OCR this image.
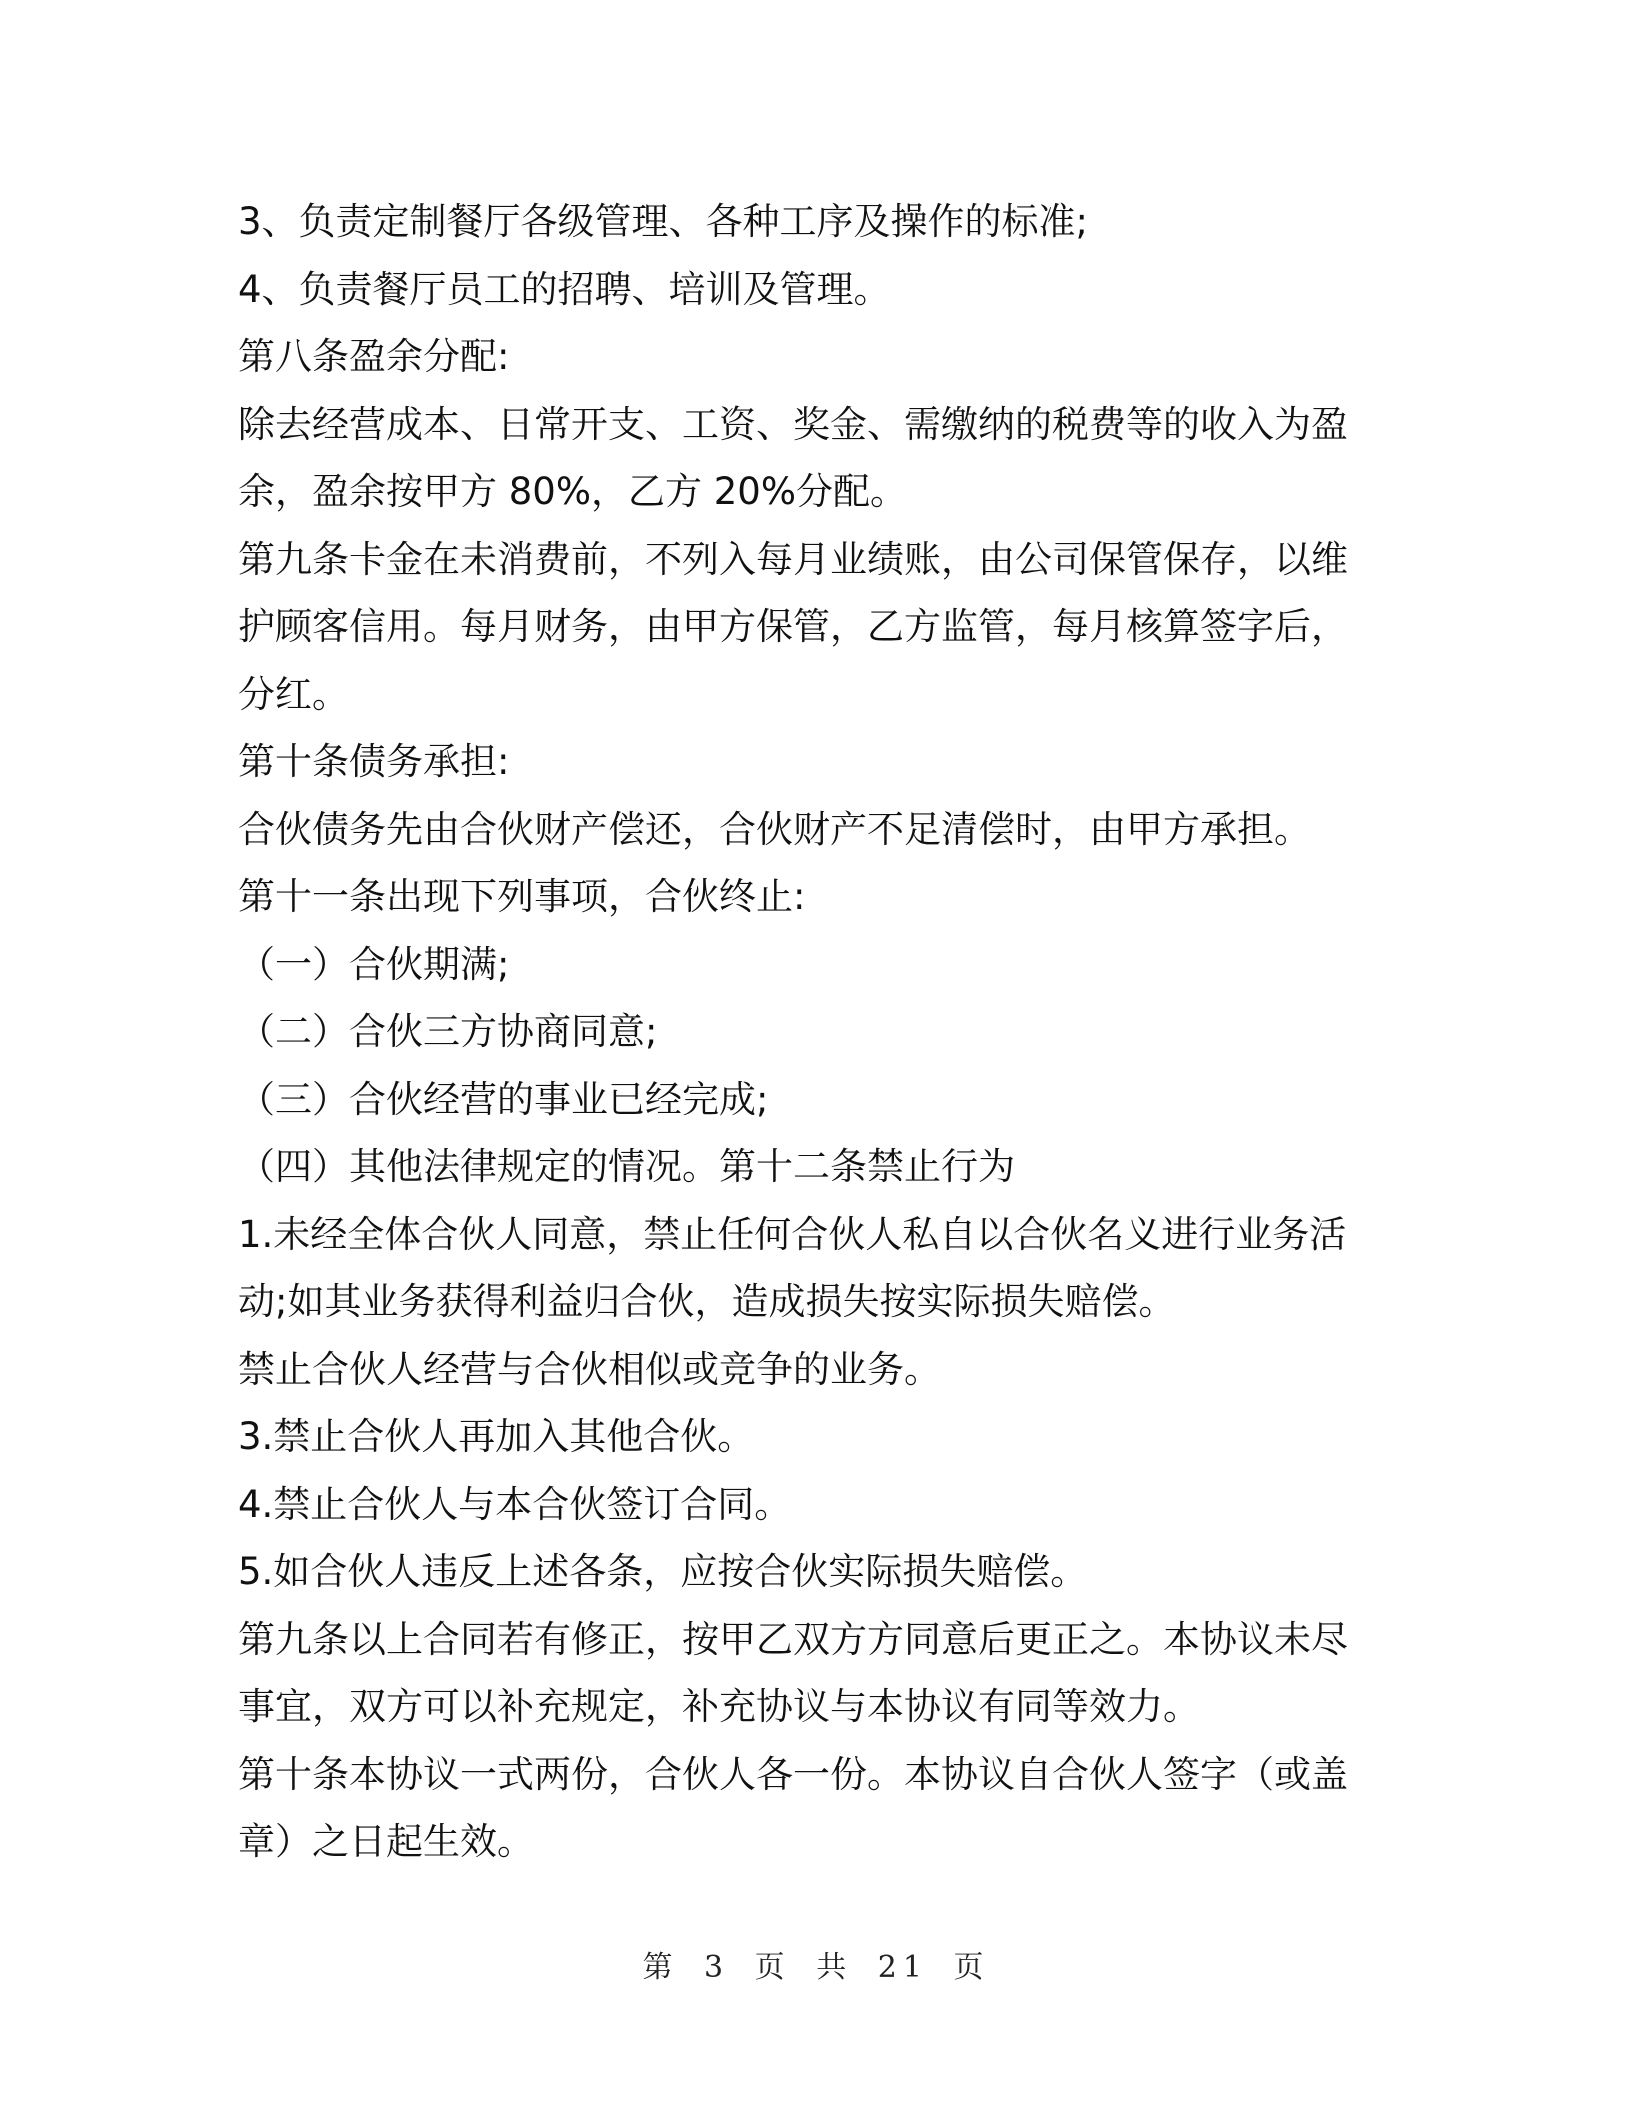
3、负责定制餐厅各级管理、各种工序及操作的标准;
4、负责餐厅员工的招聘、培训及管理。
第八条盈余分配:
除去经营成本、日常开支、工资、奖金、需缴纳的税费等的收入为盈
余，盈余按甲方 80%，乙方 20%分配。
第九条卡金在未消费前，不列入每月业绩账，由公司保管保存，以维
护顾客信用。每月财务，由甲方保管，乙方监管，每月核算签字后，
分红。
第十条债务承担:
合伙债务先由合伙财产偿还，合伙财产不足清偿时，由甲方承担。
第十一条出现下列事项，合伙终止:
（一）合伙期满;
（二）合伙三方协商同意;
（三）合伙经营的事业已经完成;
（四）其他法律规定的情况。第十二条禁止行为
1.未经全体合伙人同意，禁止任何合伙人私自以合伙名义进行业务活
动;如其业务获得利益归合伙，造成损失按实际损失赔偿。
禁止合伙人经营与合伙相似或竞争的业务。
3.禁止合伙人再加入其他合伙。
4.禁止合伙人与本合伙签订合同。
5.如合伙人违反上述各条，应按合伙实际损失赔偿。
第九条以上合同若有修正，按甲乙双方方同意后更正之。本协议未尽
事宜，双方可以补充规定，补充协议与本协议有同等效力。
第十条本协议一式两份，合伙人各一份。本协议自合伙人签字（或盖
章）之日起生效。
第 3 页 共 21 页
